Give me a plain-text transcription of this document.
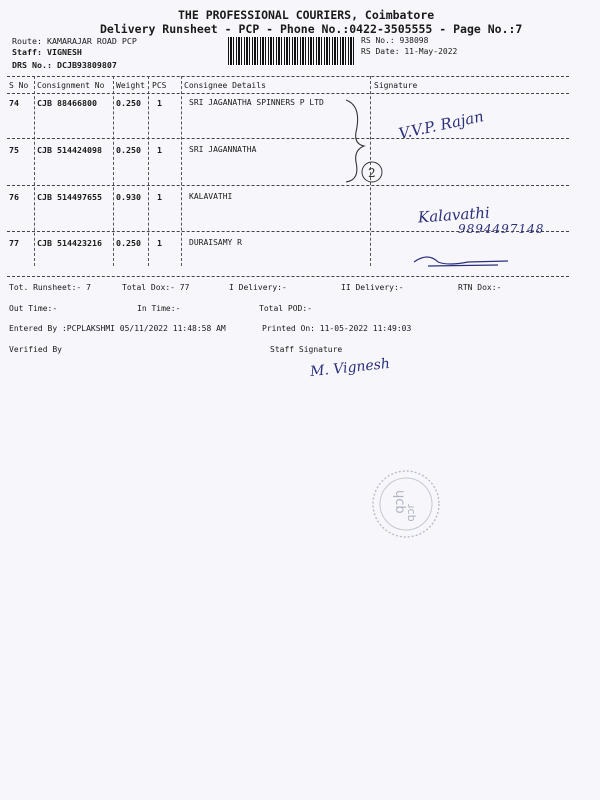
THE PROFESSIONAL COURIERS, Coimbatore
Delivery Runsheet - PCP - Phone No.:0422-3505555 - Page No.:7
Route: KAMARAJAR ROAD PCP
Staff: VIGNESH
DRS No.: DCJB93809807
RS No.: 938098
RS Date: 11-May-2022
S No Consignment No Weight PCS Consignee Details	Signature
74 CJB 88466800 0.250 1	SRI JAGANATHA SPINNERS P LTD
75 CJB 514424098 0.250 1	SRI JAGANNATHA
76 CJB 514497655 0.930 1	KALAVATHI
77 CJB 514423216 0.250 1	DURAISAMY R
2
V.V.P. Rajan
Kalavathi
9894497148
Tot. Runsheet:- 7	Total Dox:- 77	I Delivery:-	II Delivery:-	RTN Dox:-
Out Time:-	In Time:-	Total POD:-
Entered By :PCPLAKSHMI 05/11/2022 11:48:58 AM	Printed On: 11-05-2022 11:49:03
Verified By	Staff Signature
M. Vignesh
ɥcb
ɹcb
